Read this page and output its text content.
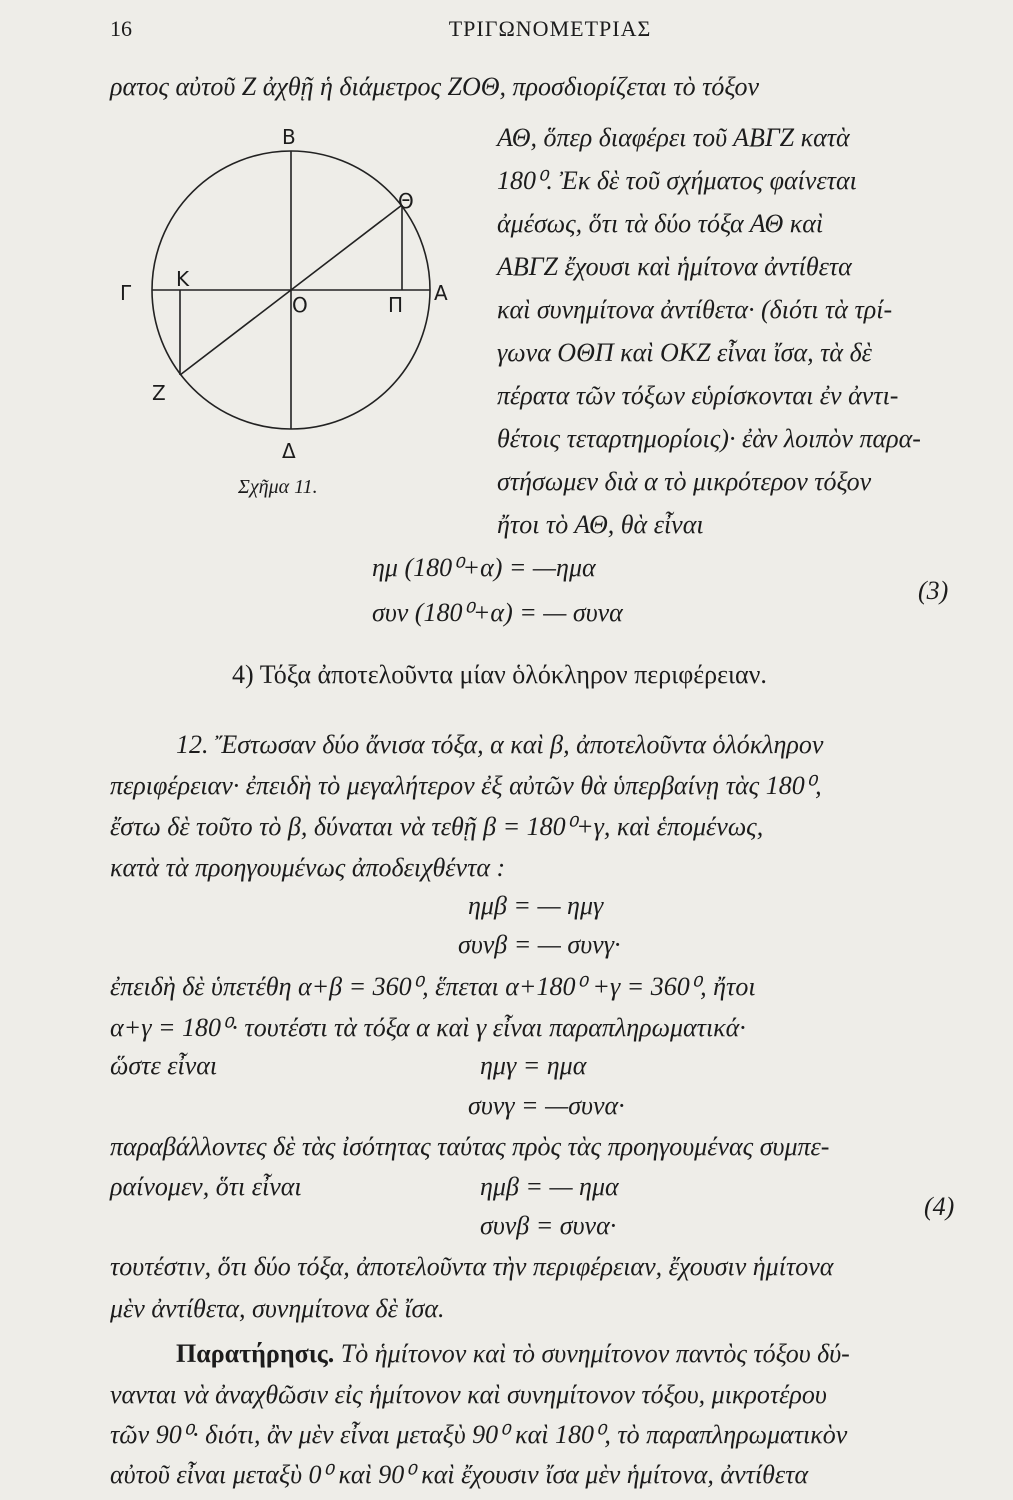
16	ΤΡΙΓΩΝΟΜΕΤΡΙΑΣ
ρατος αὐτοῦ Ζ ἀχθῇ ἡ διάμετρος ΖΟΘ, προσδιορίζεται τὸ τόξον
Β
Θ
Κ
Γ	Ο	Π Α
Ζ
Δ
Σχῆμα 11.
ΑΘ, ὅπερ διαφέρει τοῦ ΑΒΓΖ κατὰ
180⁰. Ἐκ δὲ τοῦ σχήματος φαίνεται
ἀμέσως, ὅτι τὰ δύο τόξα ΑΘ καὶ
ΑΒΓΖ ἔχουσι καὶ ἡμίτονα ἀντίθετα
καὶ συνημίτονα ἀντίθετα· (διότι τὰ τρί-
γωνα ΟΘΠ καὶ ΟΚΖ εἶναι ἴσα, τὰ δὲ
πέρατα τῶν τόξων εὑρίσκονται ἐν ἀντι-
θέτοις τεταρτημορίοις)· ἐὰν λοιπὸν παρα-
στήσωμεν διὰ α τὸ μικρότερον τόξον
ἤτοι τὸ ΑΘ, θὰ εἶναι
ημ (180⁰+α) = —ημα
συν (180⁰+α) = — συνα
(3)
4) Τόξα ἀποτελοῦντα μίαν ὁλόκληρον περιφέρειαν.
12. Ἔστωσαν δύο ἄνισα τόξα, α καὶ β, ἀποτελοῦντα ὁλόκληρον
περιφέρειαν· ἐπειδὴ τὸ μεγαλήτερον ἐξ αὐτῶν θὰ ὑπερβαίνῃ τὰς 180⁰,
ἔστω δὲ τοῦτο τὸ β, δύναται νὰ τεθῇ β = 180⁰+γ, καὶ ἑπομένως,
κατὰ τὰ προηγουμένως ἀποδειχθέντα :
ημβ = — ημγ
συνβ = — συνγ·
ἐπειδὴ δὲ ὑπετέθη α+β = 360⁰, ἕπεται α+180⁰ +γ = 360⁰, ἤτοι
α+γ = 180⁰· τουτέστι τὰ τόξα α καὶ γ εἶναι παραπληρωματικά·
ὥστε εἶναι	ημγ = ημα
συνγ = —συνα·
παραβάλλοντες δὲ τὰς ἰσότητας ταύτας πρὸς τὰς προηγουμένας συμπε-
ραίνομεν, ὅτι εἶναι	ημβ = — ημα
συνβ = συνα·
(4)
τουτέστιν, ὅτι δύο τόξα, ἀποτελοῦντα τὴν περιφέρειαν, ἔχουσιν ἡμίτονα
μὲν ἀντίθετα, συνημίτονα δὲ ἴσα.
Παρατήρησις. Τὸ ἡμίτονον καὶ τὸ συνημίτονον παντὸς τόξου δύ-
νανται νὰ ἀναχθῶσιν εἰς ἡμίτονον καὶ συνημίτονον τόξου, μικροτέρου
τῶν 90⁰· διότι, ἂν μὲν εἶναι μεταξὺ 90⁰ καὶ 180⁰, τὸ παραπληρωματικὸν
αὐτοῦ εἶναι μεταξὺ 0⁰ καὶ 90⁰ καὶ ἔχουσιν ἴσα μὲν ἡμίτονα, ἀντίθετα
